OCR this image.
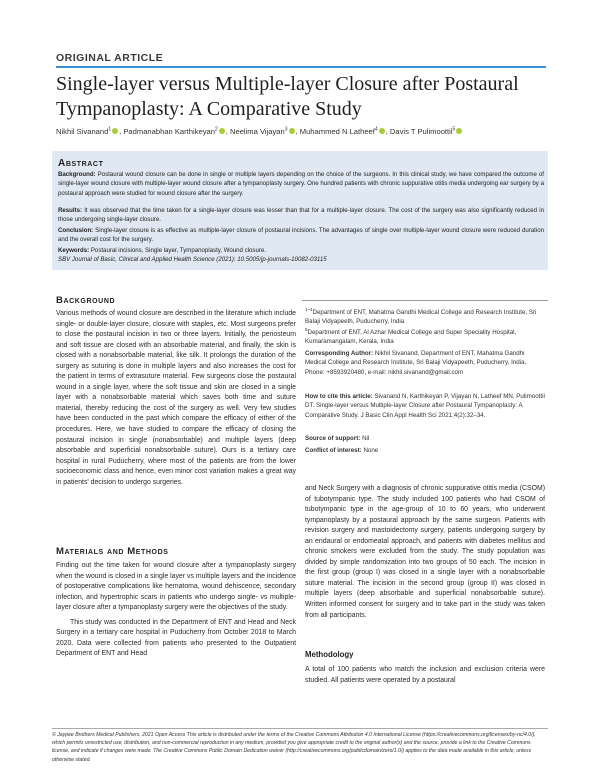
ORIGINAL ARTICLE
Single-layer versus Multiple-layer Closure after Postaural Tympanoplasty: A Comparative Study
Nikhil Sivanand$^1$ , Padmanabhan Karthikeyan$^2$ , Neelima Vijayan$^3$ , Muhammed N Latheef$^4$ , Davis T Pulimoottil$^5$
Abstract
Background: Postaural wound closure can be done in single or multiple layers depending on the choice of the surgeons. In this clinical study, we have compared the outcome of single-layer wound closure with multiple-layer wound closure after a tympanoplasty surgery. One hundred patients with chronic suppurative otitis media undergoing ear surgery by a postaural approach were studied for wound closure after the surgery.
Results: It was observed that the time taken for a single-layer closure was lesser than that for a multiple-layer closure. The cost of the surgery was also significantly reduced in those undergoing single-layer closure.
Conclusion: Single-layer closure is as effective as multiple-layer closure of postaural incisions. The advantages of single over multiple-layer wound closure were reduced duration and the overall cost for the surgery.
Keywords: Postaural incisions, Single layer, Tympanoplasty, Wound closure.
SBV Journal of Basic, Clinical and Applied Health Science (2021): 10.5005/jp-journals-10082-03115
Background

Various methods of wound closure are described in the literature which include single- or double-layer closure, closure with staples, etc. Most surgeons prefer to close the postaural incision in two or three layers. Initially, the periosteum and soft tissue are closed with an absorbable material, and finally, the skin is closed with a nonabsorbable material, like silk. It prolongs the duration of the surgery as suturing is done in multiple layers and also increases the cost for the patient in terms of extrasuture material. Few surgeons close the postaural wound in a single layer, where the soft tissue and skin are closed in a single layer with a nonabsorbable material which saves both time and suture material, thereby reducing the cost of the surgery as well. Very few studies have been conducted in the past which compare the efficacy of either of the procedures. Here, we have studied to compare the efficacy of closing the postaural incision in single (nonabsorbable) and multiple layers (deep absorbable and superficial nonabsorbable suture). Ours is a tertiary care hospital in rural Puducherry, where most of the patients are from the lower socioeconomic class and hence, even minor cost variation makes a great way in patients' decision to undergo surgeries.

Materials and Methods

Finding out the time taken for wound closure after a tympanoplasty surgery when the wound is closed in a single layer vs multiple layers and the incidence of postoperative complications like hematoma, wound dehiscence, secondary infection, and hypertrophic scars in patients who undergo single- vs multiple-layer closure after a tympanoplasty surgery were the objectives of the study.

This study was conducted in the Department of ENT and Head and Neck Surgery in a tertiary care hospital in Puducherry from October 2018 to March 2020. Data were collected from patients who presented to the Outpatient Department of ENT and Head

$^{1-4}$Department of ENT, Mahatma Gandhi Medical College and Research Institute, Sri Balaji Vidyapeeth, Puducherry, India
$^5$Department of ENT, Al Azhar Medical College and Super Speciality Hospital, Kumaramangalam, Kerala, India
Corresponding Author: Nikhil Sivanand, Department of ENT, Mahatma Gandhi Medical College and Research Institute, Sri Balaji Vidyapeeth, Puducherry, India, Phone: +8593920480, e-mail: nikhil.sivanand@gmail.com
How to cite this article: Sivanand N, Karthikeyan P, Vijayan N, Latheef MN, Pulimoottil DT. Single-layer versus Multiple-layer Closure after Postaural Tympanoplasty: A Comparative Study. J Basic Clin Appl Health Sci 2021;4(2):32–34.
Source of support: Nil
Conflict of interest: None

and Neck Surgery with a diagnosis of chronic suppurative otitis media (CSOM) of tubotympanic type. The study included 100 patients who had CSOM of tubotympanic type in the age-group of 10 to 60 years, who underwent tympanoplasty by a postaural approach by the same surgeon. Patients with revision surgery and mastoidectomy surgery, patients undergoing surgery by an endaural or endomeatal approach, and patients with diabetes mellitus and chronic smokers were excluded from the study. The study population was divided by simple randomization into two groups of 50 each. The incision in the first group (group I) was closed in a single layer with a nonabsorbable suture material. The incision in the second group (group II) was closed in multiple layers (deep absorbable and superficial nonabsorbable suture). Written informed consent for surgery and to take part in the study was taken from all participants.

Methodology

A total of 100 patients who match the inclusion and exclusion criteria were studied. All patients were operated by a postaural

© Jaypee Brothers Medical Publishers. 2021 Open Access This article is distributed under the terms of the Creative Commons Attribution 4.0 International License (https://creativecommons.org/licenses/by-nc/4.0/), which permits unrestricted use, distribution, and non-commercial reproduction in any medium, provided you give appropriate credit to the original author(s) and the source, provide a link to the Creative Commons license, and indicate if changes were made. The Creative Commons Public Domain Dedication waiver (http://creativecommons.org/publicdomain/zero/1.0/) applies to the data made available in this article, unless otherwise stated.
